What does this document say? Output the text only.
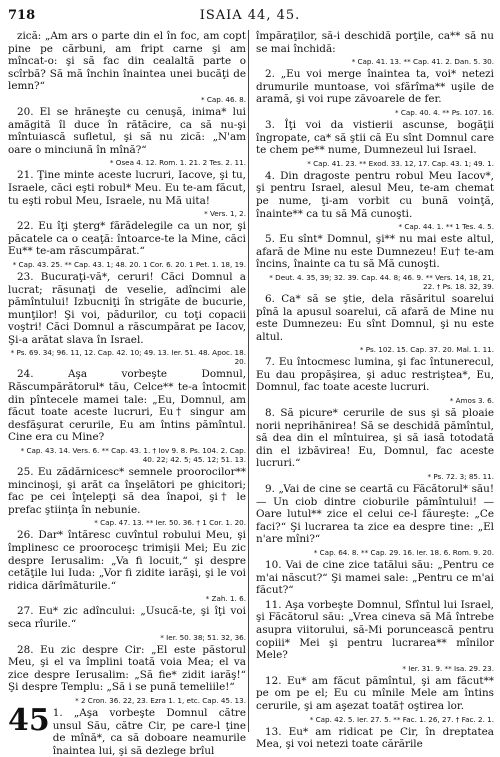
718	ISAIA 44, 45.

zică: „Am ars o parte din el în foc, am copt pine pe cărbuni, am fript carne şi am mîncat-o: şi să fac din cealaltă parte o scîrbă? Să mă închin înaintea unei bucăţi de lemn?“

* Cap. 46. 8.

20. El se hrăneşte cu cenuşă, inima* lui amăgită îl duce în rătăcire, ca să nu-şi mîntuiască sufletul, şi să nu zică: „N'am oare o minciună în mînă?“

* Osea 4. 12. Rom. 1. 21. 2 Tes. 2. 11.

21. Ţine minte aceste lucruri, Iacove, şi tu, Israele, căci eşti robul* Meu. Eu te-am făcut, tu eşti robul Meu, Israele, nu Mă uita!

* Vers. 1, 2.

22. Eu îţi şterg* fărădelegile ca un nor, şi păcatele ca o ceaţă: întoarce-te la Mine, căci Eu** te-am răscumpărat.“

* Cap. 43. 25. ** Cap. 43. 1; 48. 20. 1 Cor. 6. 20. 1 Pet. 1. 18, 19.

23. Bucuraţi-vă*, ceruri! Căci Domnul a lucrat; răsunaţi de veselie, adîncimi ale pămîntului! Izbucniţi în strigăte de bucurie, munţilor! Şi voi, pădurilor, cu toţi copacii voştri! Căci Domnul a răscumpărat pe Iacov, Şi-a arătat slava în Israel.

* Ps. 69. 34; 96. 11, 12. Cap. 42. 10; 49. 13. Ier. 51. 48. Apoc. 18. 20.

24. Aşa vorbeşte Domnul, Răscumpărătorul* tău, Celce** te-a întocmit din pîntecele mamei tale: „Eu, Domnul, am făcut toate aceste lucruri, Eu† singur am desfăşurat cerurile, Eu am întins pămîntul. Cine era cu Mine?

* Cap. 43. 14. Vers. 6. ** Cap. 43. 1. † Iov 9. 8. Ps. 104. 2. Cap. 40. 22; 42. 5; 45. 12; 51. 13.

25. Eu zădărnicesc* semnele proorocilor** mincinoşi, şi arăt ca înşelători pe ghicitori; fac pe cei înţelepţi să dea înapoi, şi† le prefac ştiinţa în nebunie.

* Cap. 47. 13. ** Ier. 50. 36. † 1 Cor. 1. 20.

26. Dar* întăresc cuvîntul robului Meu, şi împlinesc ce prooroceşc trimişii Mei; Eu zic despre Ierusalim: „Va fi locuit,“ şi despre cetăţile lui Iuda: „Vor fi zidite iarăşi, şi le voi ridica dărîmăturile.“

* Zah. 1. 6.

27. Eu* zic adîncului: „Usucă-te, şi îţi voi seca rîurile.“

* Ier. 50. 38; 51. 32, 36.

28. Eu zic despre Cir: „El este păstorul Meu, şi el va împlini toată voia Mea; el va zice despre Ierusalim: „Să fie* zidit iarăş!“ Şi despre Templu: „Să i se pună temeliile!“

* 2 Cron. 36. 22, 23. Ezra 1. 1, etc. Cap. 45. 13.
45 1. „Aşa vorbeşte Domnul către unsul Său, către Cir, pe care-l ţine de mînă*, ca să doboare neamurile înaintea lui, şi să dezlege brîul

împăraţilor, să-i deschidă porţile, ca** să nu se mai închidă:

* Cap. 41. 13. ** Cap. 41. 2. Dan. 5. 30.

2. „Eu voi merge înaintea ta, voi* netezi drumurile muntoase, voi sfărîma** uşile de aramă, şi voi rupe zăvoarele de fer.

* Cap. 40. 4. ** Ps. 107. 16.

3. Îţi voi da vistierii ascunse, bogăţii îngropate, ca* să ştii că Eu sînt Domnul care te chem pe** nume, Dumnezeul lui Israel.

* Cap. 41. 23. ** Exod. 33. 12, 17. Cap. 43. 1; 49. 1.

4. Din dragoste pentru robul Meu Iacov*, şi pentru Israel, alesul Meu, te-am chemat pe nume, ţi-am vorbit cu bună voinţă, înainte** ca tu să Mă cunoşti.

* Cap. 44. 1. ** 1 Tes. 4. 5.

5. Eu sînt* Domnul, şi** nu mai este altul, afară de Mine nu este Dumnezeu! Eu† te-am încins, înainte ca tu să Mă cunoşti.

* Deut. 4. 35, 39; 32. 39. Cap. 44. 8; 46. 9. ** Vers. 14, 18, 21, 22. † Ps. 18. 32, 39.

6. Ca* să se ştie, dela răsăritul soarelui pînă la apusul soarelui, că afară de Mine nu este Dumnezeu: Eu sînt Domnul, şi nu este altul.

* Ps. 102. 15. Cap. 37. 20. Mal. 1. 11.

7. Eu întocmesc lumina, şi fac întunerecul, Eu dau propăşirea, şi aduc restriştea*, Eu, Domnul, fac toate aceste lucruri.

* Amos 3. 6.

8. Să picure* cerurile de sus şi să ploaie norii neprihănirea! Să se deschidă pămîntul, să dea din el mîntuirea, şi să iasă totodată din el izbăvirea! Eu, Domnul, fac aceste lucruri.“

* Ps. 72. 3; 85. 11.

9. „Vai de cine se ceartă cu Făcătorul* său! — Un ciob dintre cioburile pămîntului! — Oare lutul** zice el celui ce-l făureşte: „Ce faci?“ Şi lucrarea ta zice ea despre tine: „El n'are mîni?“

* Cap. 64. 8. ** Cap. 29. 16. Ier. 18. 6. Rom. 9. 20.

10. Vai de cine zice tatălui său: „Pentru ce m'ai născut?“ Şi mamei sale: „Pentru ce m'ai făcut?“

11. Aşa vorbeşte Domnul, Sfîntul lui Israel, şi Făcătorul său: „Vrea cineva să Mă întrebe asupra viitorului, să-Mi poruncească pentru copiii* Mei şi pentru lucrarea** mînilor Mele?

* Ier. 31. 9. ** Isa. 29. 23.

12. Eu* am făcut pămîntul, şi am făcut** pe om pe el; Eu cu mînile Mele am întins cerurile, şi am aşezat toată† oştirea lor.

* Cap. 42. 5. Ier. 27. 5. ** Fac. 1. 26, 27. † Fac. 2. 1.

13. Eu* am ridicat pe Cir, în dreptatea Mea, şi voi netezi toate cărările
